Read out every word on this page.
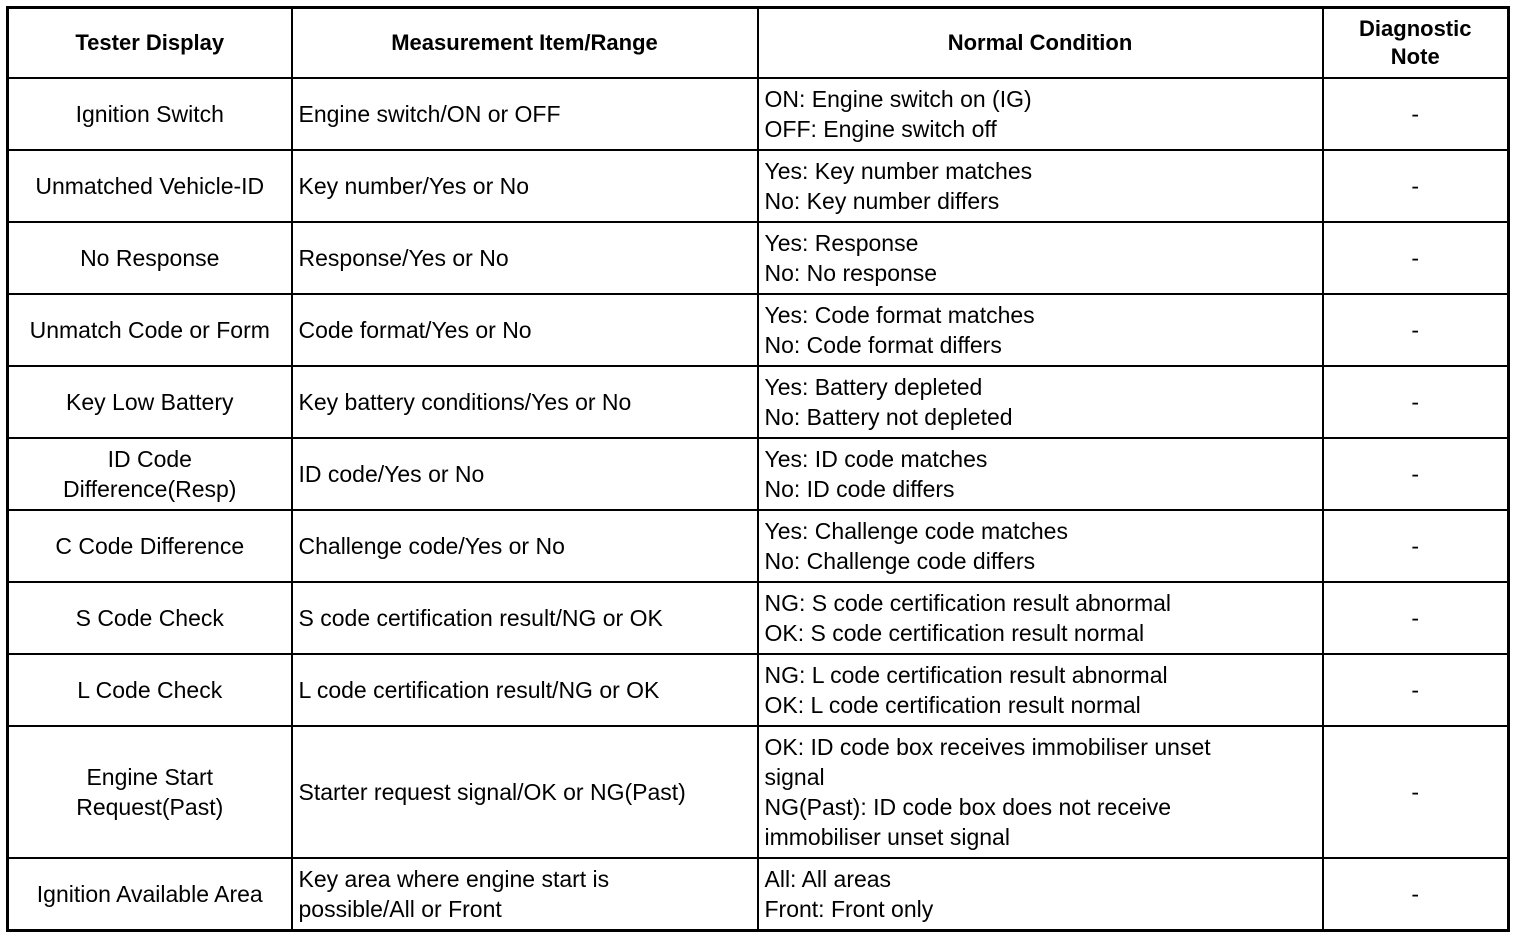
Tester Display	Measurement Item/Range	Normal Condition	Diagnostic
Note

Ignition Switch	Engine switch/ON or OFF	ON: Engine switch on (IG)
OFF: Engine switch off	-

Unmatched Vehicle-ID	Key number/Yes or No	Yes: Key number matches
No: Key number differs	-

No Response	Response/Yes or No	Yes: Response
No: No response	-

Unmatch Code or Form	Code format/Yes or No	Yes: Code format matches
No: Code format differs	-

Key Low Battery	Key battery conditions/Yes or No	Yes: Battery depleted
No: Battery not depleted	-

ID Code
Difference(Resp)	ID code/Yes or No	Yes: ID code matches
No: ID code differs	-

C Code Difference	Challenge code/Yes or No	Yes: Challenge code matches
No: Challenge code differs	-

S Code Check	S code certification result/NG or OK	NG: S code certification result abnormal
OK: S code certification result normal	-

L Code Check	L code certification result/NG or OK	NG: L code certification result abnormal
OK: L code certification result normal	-

Engine Start
Request(Past)	Starter request signal/OK or NG(Past)	OK: ID code box receives immobiliser unset
signal
NG(Past): ID code box does not receive
immobiliser unset signal	-

Ignition Available Area	Key area where engine start is
possible/All or Front	All: All areas
Front: Front only	-
